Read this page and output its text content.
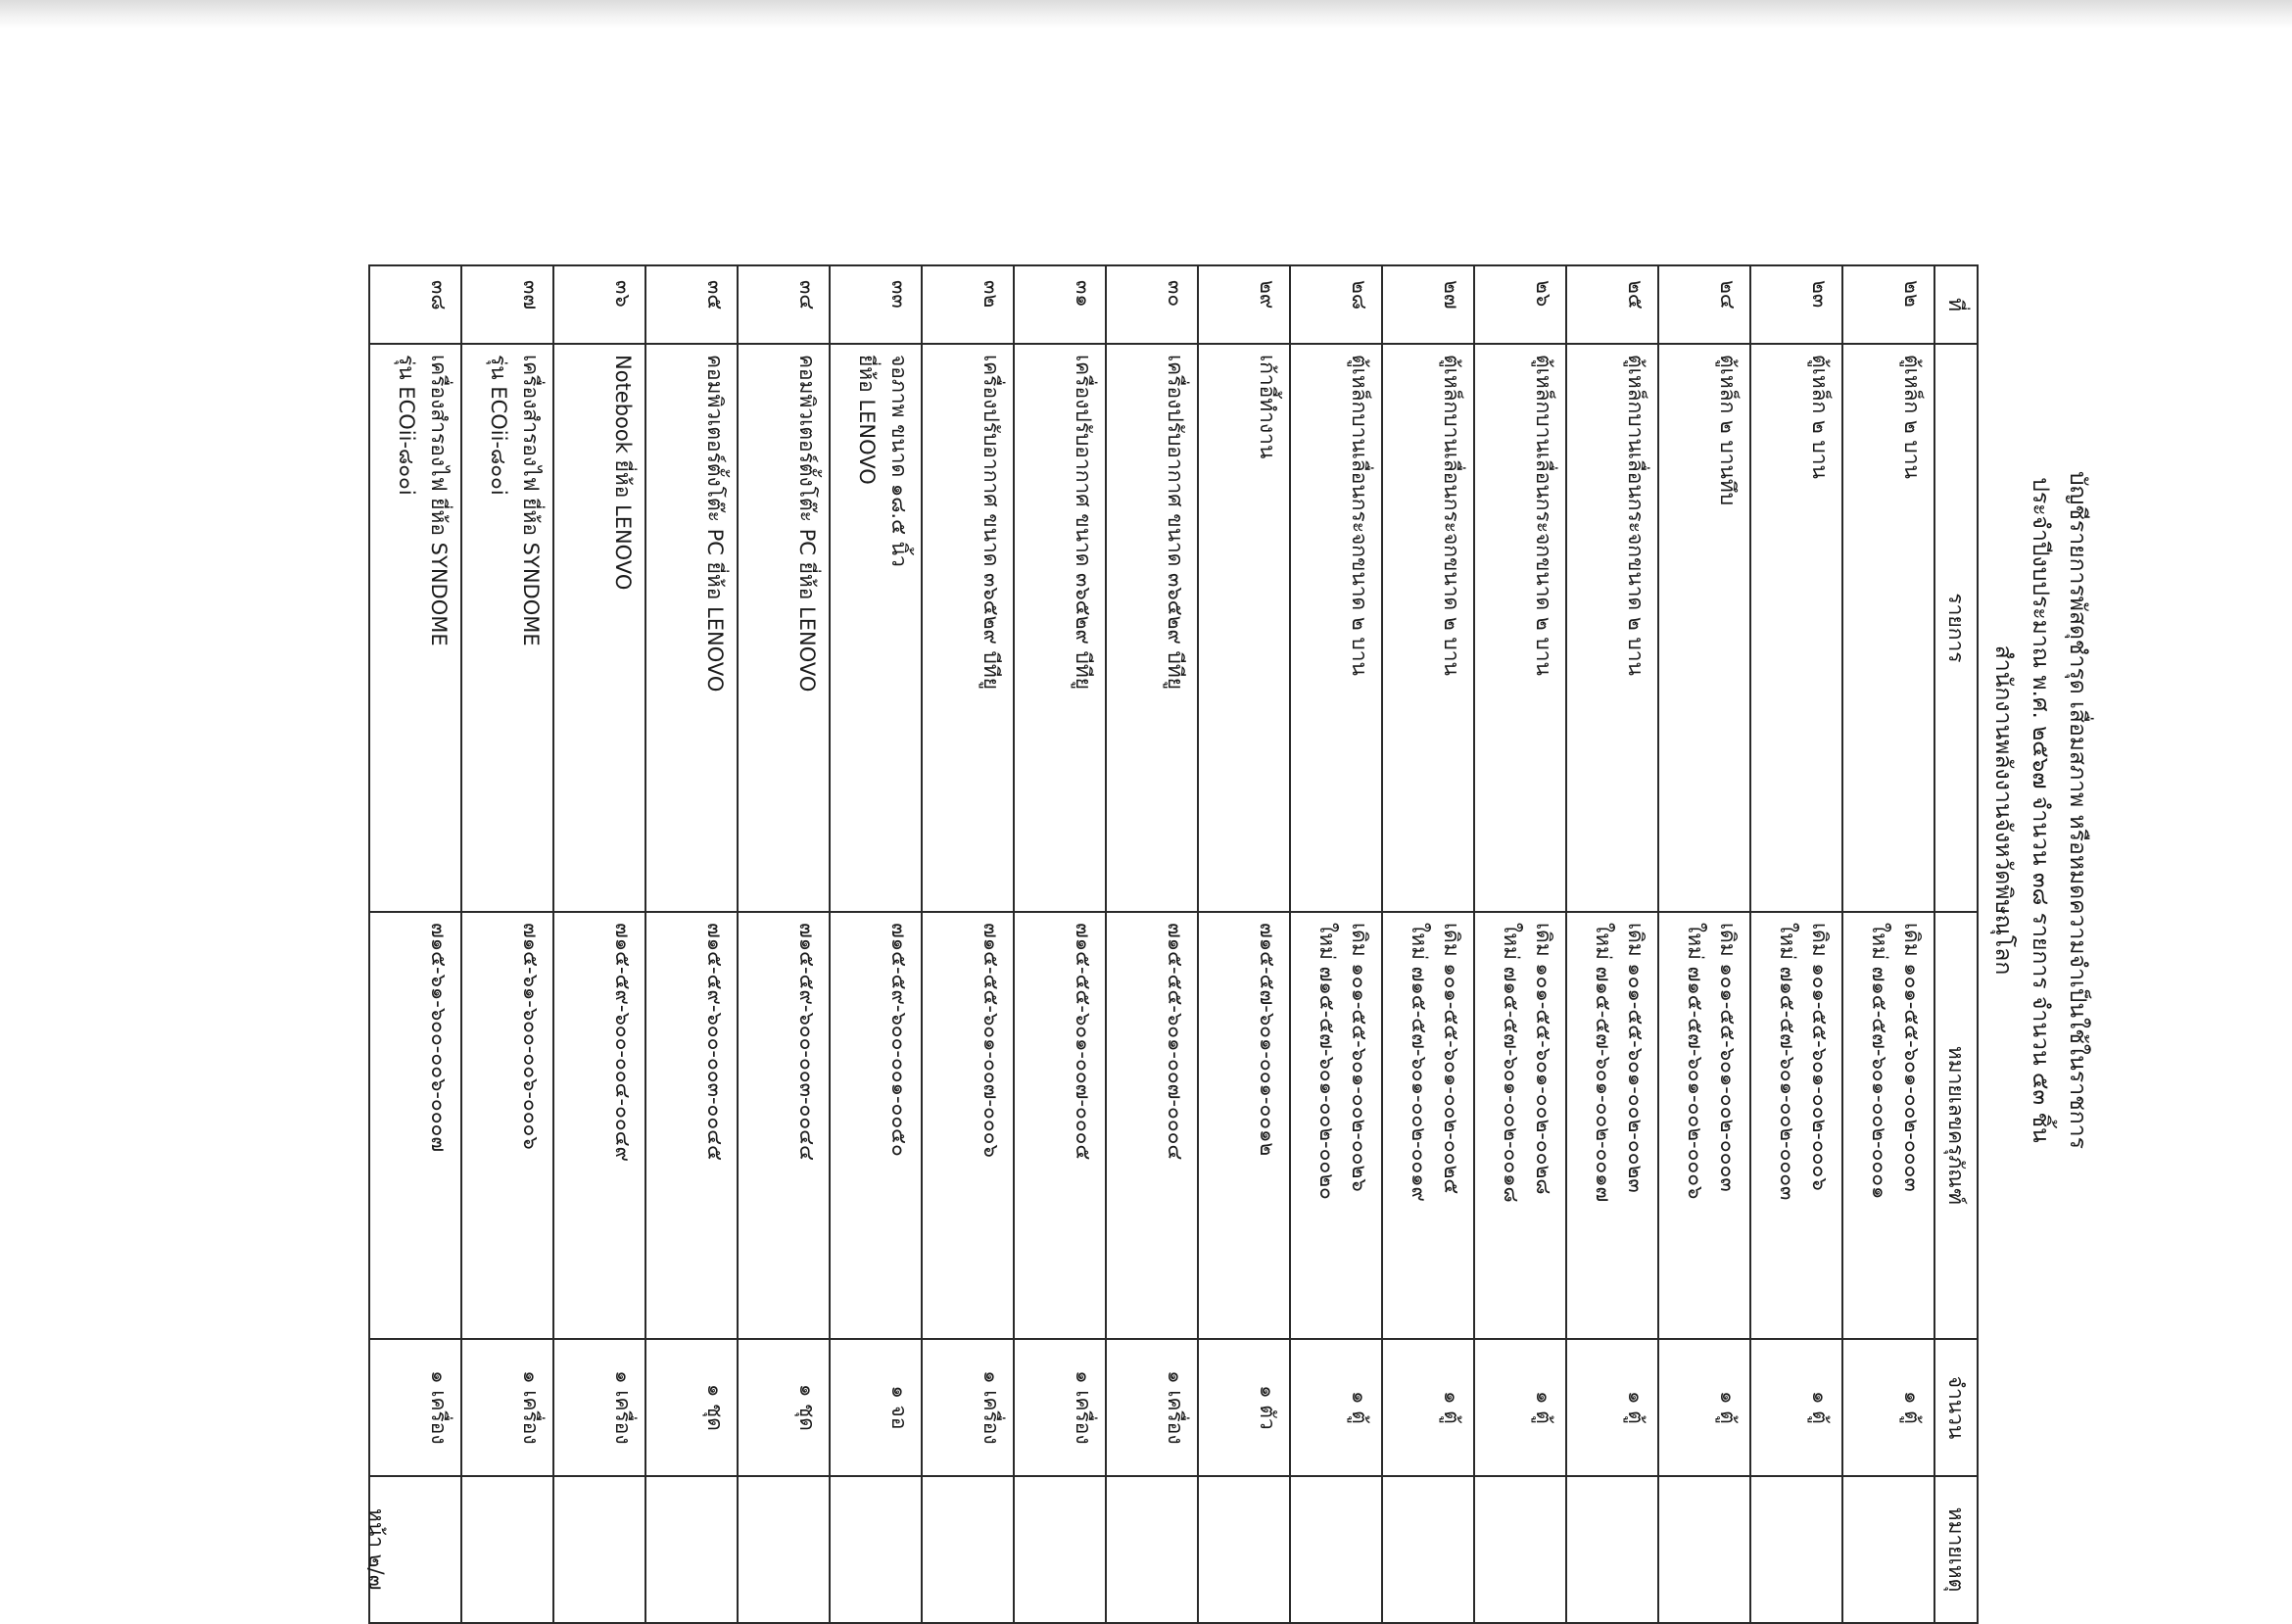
บัญชีรายการพัสดุชำรุด เสื่อมสภาพ หรือหมดความจำเป็นใช้ในราชการ
ประจำปีงบประมาณ พ.ศ. ๒๕๖๗ จำนวน ๓๘ รายการ จำนวน ๕๓ ชิ้น
สำนักงานพลังงานจังหวัดพิษณุโลก
ที่	รายการ	หมายเลขครุภัณฑ์	จำนวน	หมายเหตุ
๒๒	ตู้เหล็ก ๒ บาน	เดิม ๑๐๑-๕๕-๖๐๑-๐๐๒-๐๐๐๓
ใหม่ ๗๑๕-๕๗-๖๐๑-๐๐๒-๐๐๐๑	๑ ตู้	
๒๓	ตู้เหล็ก ๒ บาน	เดิม ๑๐๑-๕๕-๖๐๑-๐๐๒-๐๐๐๖
ใหม่ ๗๑๕-๕๗-๖๐๑-๐๐๒-๐๐๐๓	๑ ตู้	
๒๔	ตู้เหล็ก ๒ บานทึบ	เดิม ๑๐๑-๕๕-๖๐๑-๐๐๒-๐๐๐๓
ใหม่ ๗๑๕-๕๗-๖๐๑-๐๐๒-๐๐๐๖	๑ ตู้	
๒๕	ตู้เหล็กบานเลื่อนกระจกขนาด ๒ บาน	เดิม ๑๐๑-๕๕-๖๐๑-๐๐๒-๐๐๒๓
ใหม่ ๗๑๕-๕๗-๖๐๑-๐๐๒-๐๐๑๗	๑ ตู้	
๒๖	ตู้เหล็กบานเลื่อนกระจกขนาด ๒ บาน	เดิม ๑๐๑-๕๕-๖๐๑-๐๐๒-๐๐๒๘
ใหม่ ๗๑๕-๕๗-๖๐๑-๐๐๒-๐๐๑๘	๑ ตู้	
๒๗	ตู้เหล็กบานเลื่อนกระจกขนาด ๒ บาน	เดิม ๑๐๑-๕๕-๖๐๑-๐๐๒-๐๐๒๕
ใหม่ ๗๑๕-๕๗-๖๐๑-๐๐๒-๐๐๑๙	๑ ตู้	
๒๘	ตู้เหล็กบานเลื่อนกระจกขนาด ๒ บาน	เดิม ๑๐๑-๕๕-๖๐๑-๐๐๒-๐๐๒๖
ใหม่ ๗๑๕-๕๗-๖๐๑-๐๐๒-๐๐๒๐	๑ ตู้	
๒๙	เก้าอี้ทำงาน	๗๑๕-๕๗-๖๐๑-๐๐๑-๐๐๑๒	๑ ตัว	
๓๐	เครื่องปรับอากาศ ขนาด ๓๖๕๒๙ บีทียู	๗๑๕-๕๕-๖๐๑-๐๐๗-๐๐๐๔	๑ เครื่อง	
๓๑	เครื่องปรับอากาศ ขนาด ๓๖๕๒๙ บีทียู	๗๑๕-๕๕-๖๐๑-๐๐๗-๐๐๐๕	๑ เครื่อง	
๓๒	เครื่องปรับอากาศ ขนาด ๓๖๕๒๙ บีทียู	๗๑๕-๕๕-๖๐๑-๐๐๗-๐๐๐๖	๑ เครื่อง	
๓๓	จอภาพ ขนาด ๑๘.๕ นิ้ว
ยี่ห้อ LENOVO	๗๑๕-๕๙-๖๐๐-๐๐๑-๐๐๕๐	๑ จอ	
๓๔	คอมพิวเตอร์ตั้งโต๊ะ PC ยี่ห้อ LENOVO	๗๑๕-๕๙-๖๐๐-๐๐๓-๐๐๔๔	๑ ชุด	
๓๕	คอมพิวเตอร์ตั้งโต๊ะ PC ยี่ห้อ LENOVO	๗๑๕-๕๙-๖๐๐-๐๐๓-๐๐๔๕	๑ ชุด	
๓๖	Notebook ยี่ห้อ LENOVO	๗๑๕-๕๙-๖๐๐-๐๐๔-๐๐๔๙	๑ เครื่อง	
๓๗	เครื่องสำรองไฟ ยี่ห้อ SYNDOME
รุ่น ECOii-๘๐๐i	๗๑๕-๖๑-๖๐๐-๐๐๖-๐๐๐๖	๑ เครื่อง	
๓๘	เครื่องสำรองไฟ ยี่ห้อ SYNDOME
รุ่น ECOii-๘๐๐i	๗๑๕-๖๑-๖๐๐-๐๐๖-๐๐๐๗	๑ เครื่อง	
หน้า ๒/๗
